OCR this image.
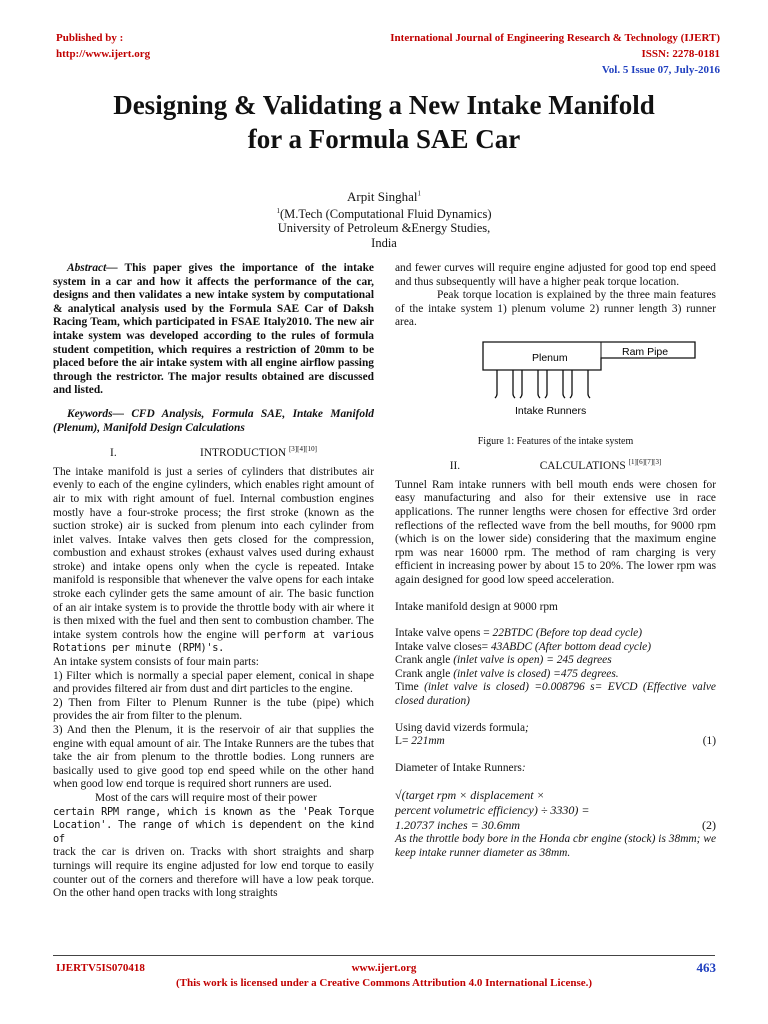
Published by :
http://www.ijert.org
International Journal of Engineering Research & Technology (IJERT)
ISSN: 2278-0181
Vol. 5 Issue 07, July-2016
Designing & Validating a New Intake Manifold
for a Formula SAE Car
Arpit Singhal$^1$
$^1$(M.Tech (Computational Fluid Dynamics)
University of Petroleum &Energy Studies,
India

Abstract— This paper gives the importance of the intake system in a car and how it affects the performance of the car, designs and then validates a new intake system by computational & analytical analysis used by the Formula SAE Car of Daksh Racing Team, which participated in FSAE Italy2010. The new air intake system was developed according to the rules of formula student competition, which requires a restriction of 20mm to be placed before the air intake system with all engine airflow passing through the restrictor. The major results obtained are discussed and listed.

Keywords— CFD Analysis, Formula SAE, Intake Manifold (Plenum), Manifold Design Calculations

I.	INTRODUCTION [3][4][10]

The intake manifold is just a series of cylinders that distributes air evenly to each of the engine cylinders, which enables right amount of air to mix with right amount of fuel. Internal combustion engines mostly have a four-stroke process; the first stroke (known as the suction stroke) air is sucked from plenum into each cylinder from inlet valves. Intake valves then gets closed for the compression, combustion and exhaust strokes (exhaust valves used during exhaust stroke) and intake opens only when the cycle is repeated. Intake manifold is responsible that whenever the valve opens for each intake stroke each cylinder gets the same amount of air. The basic function of an air intake system is to provide the throttle body with air where it is then mixed with the fuel and then sent to combustion chamber. The intake system controls how the engine will perform at various Rotations per minute (RPM)'s.

An intake system consists of four main parts:

1) Filter which is normally a special paper element, conical in shape and provides filtered air from dust and dirt particles to the engine.

2) Then from Filter to Plenum Runner is the tube (pipe) which provides the air from filter to the plenum.

3) And then the Plenum, it is the reservoir of air that supplies the engine with equal amount of air. The Intake Runners are the tubes that take the air from plenum to the throttle bodies. Long runners are basically used to give good top end speed while on the other hand when good low end torque is required short runners are used.

Most of the cars will require most of their power

certain RPM range, which is known as the 'Peak Torque Location'. The range of which is dependent on the kind of

track the car is driven on. Tracks with short straights and sharp turnings will require its engine adjusted for low end torque to easily counter out of the corners and therefore will have a low peak torque. On the other hand open tracks with long straights

and fewer curves will require engine adjusted for good top end speed and thus subsequently will have a higher peak torque location.

Peak torque location is explained by the three main features of the intake system 1) plenum volume 2) runner length 3) runner area.

Plenum	Ram Pipe
Intake Runners

Figure 1: Features of the intake system

II.	CALCULATIONS [1][6][7][3]

Tunnel Ram intake runners with bell mouth ends were chosen for easy manufacturing and also for their extensive use in race applications. The runner lengths were chosen for effective 3rd order reflections of the reflected wave from the bell mouths, for 9000 rpm (which is on the lower side) considering that the maximum engine rpm was near 16000 rpm. The method of ram charging is very efficient in increasing power by about 15 to 20%. The lower rpm was again designed for good low speed acceleration.

Intake manifold design at 9000 rpm

Intake valve opens = 22BTDC (Before top dead cycle)

Intake valve closes= 43ABDC (After bottom dead cycle)

Crank angle (inlet valve is open) = 245 degrees

Crank angle (inlet valve is closed) =475 degrees.

Time (inlet valve is closed) =0.008796 s= EVCD (Effective valve closed duration)

Using david vizerds formula;

L= 221mm	(1)

Diameter of Intake Runners:

√(target rpm × displacement ×

percent volumetric efficiency) ÷ 3330) =

1.20737 inches = 30.6mm	(2)

As the throttle body bore in the Honda cbr engine (stock) is 38mm; we keep intake runner diameter as 38mm.

IJERTV5IS070418	www.ijert.org
(This work is licensed under a Creative Commons Attribution 4.0 International License.)
463
